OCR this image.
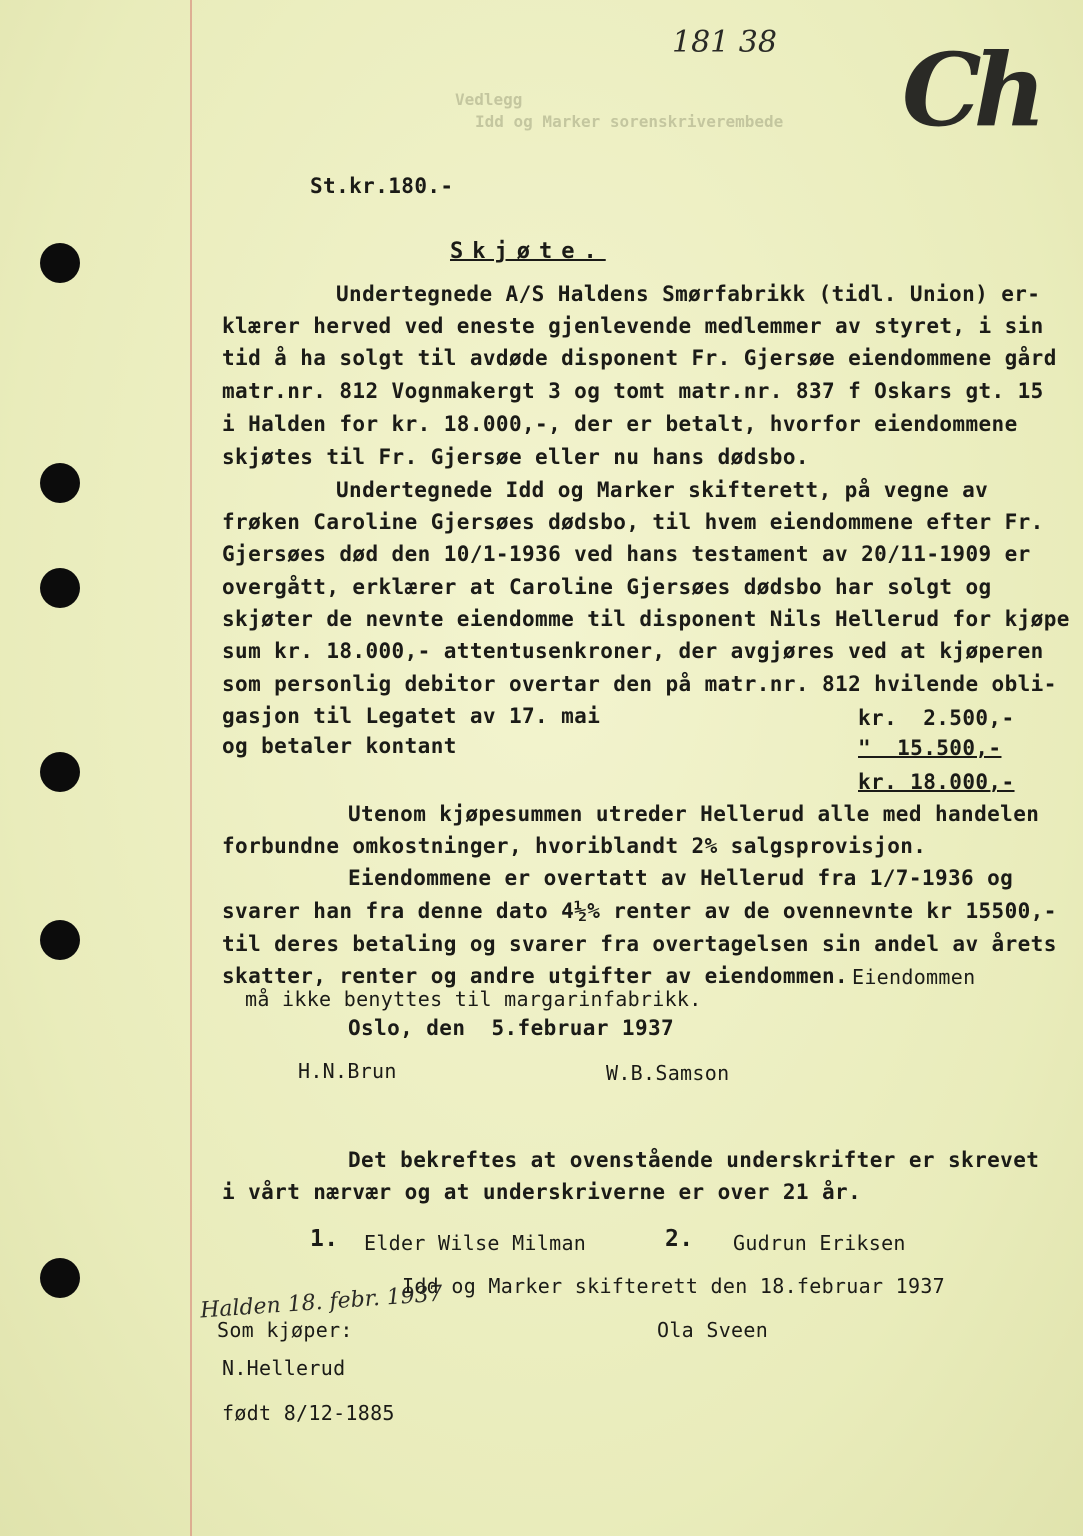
Vedlegg
Idd og Marker sorenskriverembede
181 38 Ch
St.kr.180.-
Skjøte.
Undertegnede A/S Haldens Smørfabrikk (tidl. Union) er-
klærer herved ved eneste gjenlevende medlemmer av styret, i sin
tid å ha solgt til avdøde disponent Fr. Gjersøe eiendommene gård
matr.nr. 812 Vognmakergt 3 og tomt matr.nr. 837 f Oskars gt. 15
i Halden for kr. 18.000,-, der er betalt, hvorfor eiendommene
skjøtes til Fr. Gjersøe eller nu hans dødsbo.
Undertegnede Idd og Marker skifterett, på vegne av
frøken Caroline Gjersøes dødsbo, til hvem eiendommene efter Fr.
Gjersøes død den 10/1-1936 ved hans testament av 20/11-1909 er
overgått, erklærer at Caroline Gjersøes dødsbo har solgt og
skjøter de nevnte eiendomme til disponent Nils Hellerud for kjøpe
sum kr. 18.000,- attentusenkroner, der avgjøres ved at kjøperen
som personlig debitor overtar den på matr.nr. 812 hvilende obli-
gasjon til Legatet av 17. mai	kr.  2.500,-
og betaler kontant	"  15.500,-
kr. 18.000,-
Utenom kjøpesummen utreder Hellerud alle med handelen
forbundne omkostninger, hvoriblandt 2% salgsprovisjon.
Eiendommene er overtatt av Hellerud fra 1/7-1936 og
svarer han fra denne dato 4½% renter av de ovennevnte kr 15500,-
til deres betaling og svarer fra overtagelsen sin andel av årets
skatter, renter og andre utgifter av eiendommen. Eiendommen
må ikke benyttes til margarinfabrikk.
Oslo, den  5.februar 1937
H.N.Brun	W.B.Samson
Det bekreftes at ovenstående underskrifter er skrevet
i vårt nærvær og at underskriverne er over 21 år.
1. Elder Wilse Milman	2. Gudrun Eriksen
Halden 18. febr. 1937
Idd og Marker skifterett den 18.februar 1937
Som kjøper:	Ola Sveen
N.Hellerud
født 8/12-1885
